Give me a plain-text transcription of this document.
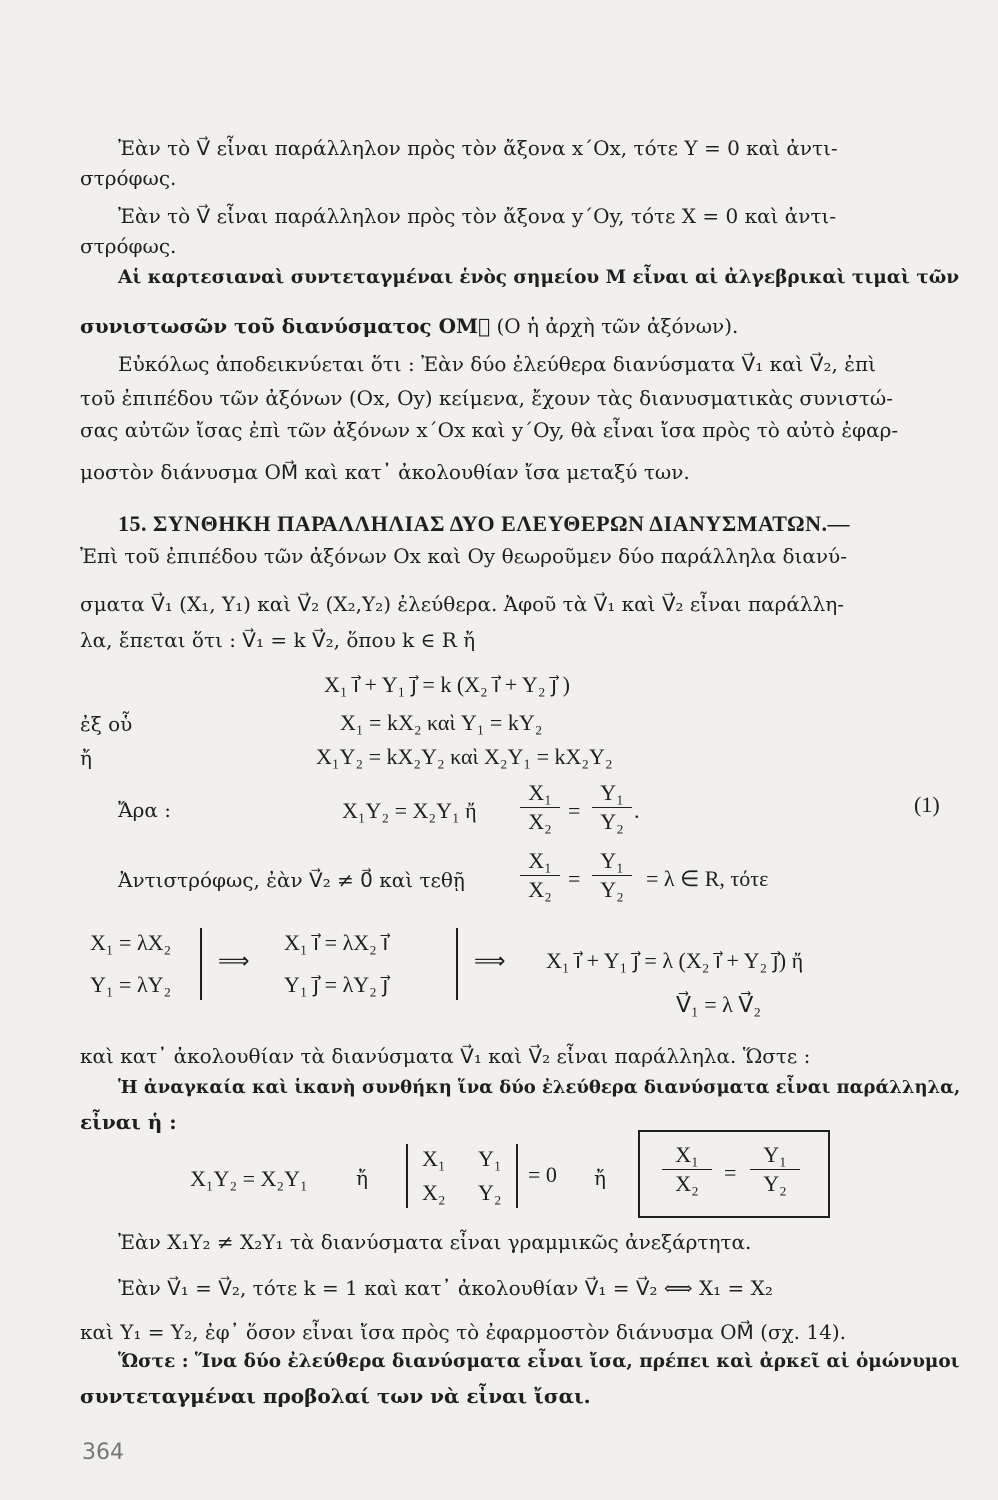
Ἐὰν τὸ V⃗ εἶναι παράλληλον πρὸς τὸν ἄξονα x΄Ox, τότε Y = 0 καὶ ἀντι-
στρόφως.
Ἐὰν τὸ V⃗ εἶναι παράλληλον πρὸς τὸν ἄξονα y΄Oy, τότε X = 0 καὶ ἀντι-
στρόφως.
Αἱ καρτεσιαναὶ συντεταγμέναι ἑνὸς σημείου M εἶναι αἱ ἀλγεβρικαὶ τιμαὶ τῶν
συνιστωσῶν τοῦ διανύσματος OM⃗ (O ἡ ἀρχὴ τῶν ἀξόνων).
Εὐκόλως ἀποδεικνύεται ὅτι : Ἐὰν δύο ἐλεύθερα διανύσματα V⃗₁ καὶ V⃗₂, ἐπὶ
τοῦ ἐπιπέδου τῶν ἀξόνων (Ox, Oy) κείμενα, ἔχουν τὰς διανυσματικὰς συνιστώ-
σας αὐτῶν ἴσας ἐπὶ τῶν ἀξόνων x΄Ox καὶ y΄Oy, θὰ εἶναι ἴσα πρὸς τὸ αὐτὸ ἐφαρ-
μοστὸν διάνυσμα OM⃗ καὶ κατ᾽ ἀκολουθίαν ἴσα μεταξύ των.
15. ΣΥΝΘΗΚΗ ΠΑΡΑΛΛΗΛΙΑΣ ΔΥΟ ΕΛΕΥΘΕΡΩΝ ΔΙΑΝΥΣΜΑΤΩΝ.—
Ἐπὶ τοῦ ἐπιπέδου τῶν ἀξόνων Ox καὶ Oy θεωροῦμεν δύο παράλληλα διανύ-
σματα V⃗₁ (X₁, Y₁) καὶ V⃗₂ (X₂,Y₂) ἐλεύθερα. Ἀφοῦ τὰ V⃗₁ καὶ V⃗₂ εἶναι παράλλη-
λα, ἔπεται ὅτι : V⃗₁ = k V⃗₂, ὅπου k ∈ R ἤ
X₁ i⃗ + Y₁ j⃗ = k (X₂ i⃗ + Y₂ j⃗ )
ἐξ οὗ	X₁ = kX₂ καὶ Y₁ = kY₂
ἤ	X₁Y₂ = kX₂Y₂ καὶ X₂Y₁ = kX₂Y₂
Ἄρα :	X₁Y₂ = X₂Y₁ ἤ
X₁
X₂ =
Y₁
Y₂ .	(1)
Ἀντιστρόφως, ἐὰν V⃗₂ ≠ 0⃗ καὶ τεθῇ
X₁
X₂ =
Y₁
Y₂	= λ ∈ R, τότε
X₁ = λX₂
Y₁ = λY₂
⟹
X₁ i⃗ = λX₂ i⃗
Y₁ j⃗ = λY₂ j⃗
⟹ X₁ i⃗ + Y₁ j⃗ = λ (X₂ i⃗ + Y₂ j⃗) ἤ
V⃗₁ = λ V⃗₂
καὶ κατ᾽ ἀκολουθίαν τὰ διανύσματα V⃗₁ καὶ V⃗₂ εἶναι παράλληλα. Ὥστε :
Ἡ ἀναγκαία καὶ ἱκανὴ συνθήκη ἵνα δύο ἐλεύθερα διανύσματα εἶναι παράλληλα,
εἶναι ἡ :
X₁Y₂ = X₂Y₁ ἤ
X₁ Y₁
X₂ Y₂
= 0 ἤ
X₁
X₂	=
Y₁
Y₂
Ἐὰν X₁Y₂ ≠ X₂Y₁ τὰ διανύσματα εἶναι γραμμικῶς ἀνεξάρτητα.
Ἐὰν V⃗₁ = V⃗₂, τότε k = 1 καὶ κατ᾽ ἀκολουθίαν V⃗₁ = V⃗₂ ⟺ X₁ = X₂
καὶ Y₁ = Y₂, ἐφ᾽ ὅσον εἶναι ἴσα πρὸς τὸ ἐφαρμοστὸν διάνυσμα OM⃗ (σχ. 14).
Ὥστε : Ἵνα δύο ἐλεύθερα διανύσματα εἶναι ἴσα, πρέπει καὶ ἀρκεῖ αἱ ὁμώνυμοι
συντεταγμέναι προβολαί των νὰ εἶναι ἴσαι.
364
